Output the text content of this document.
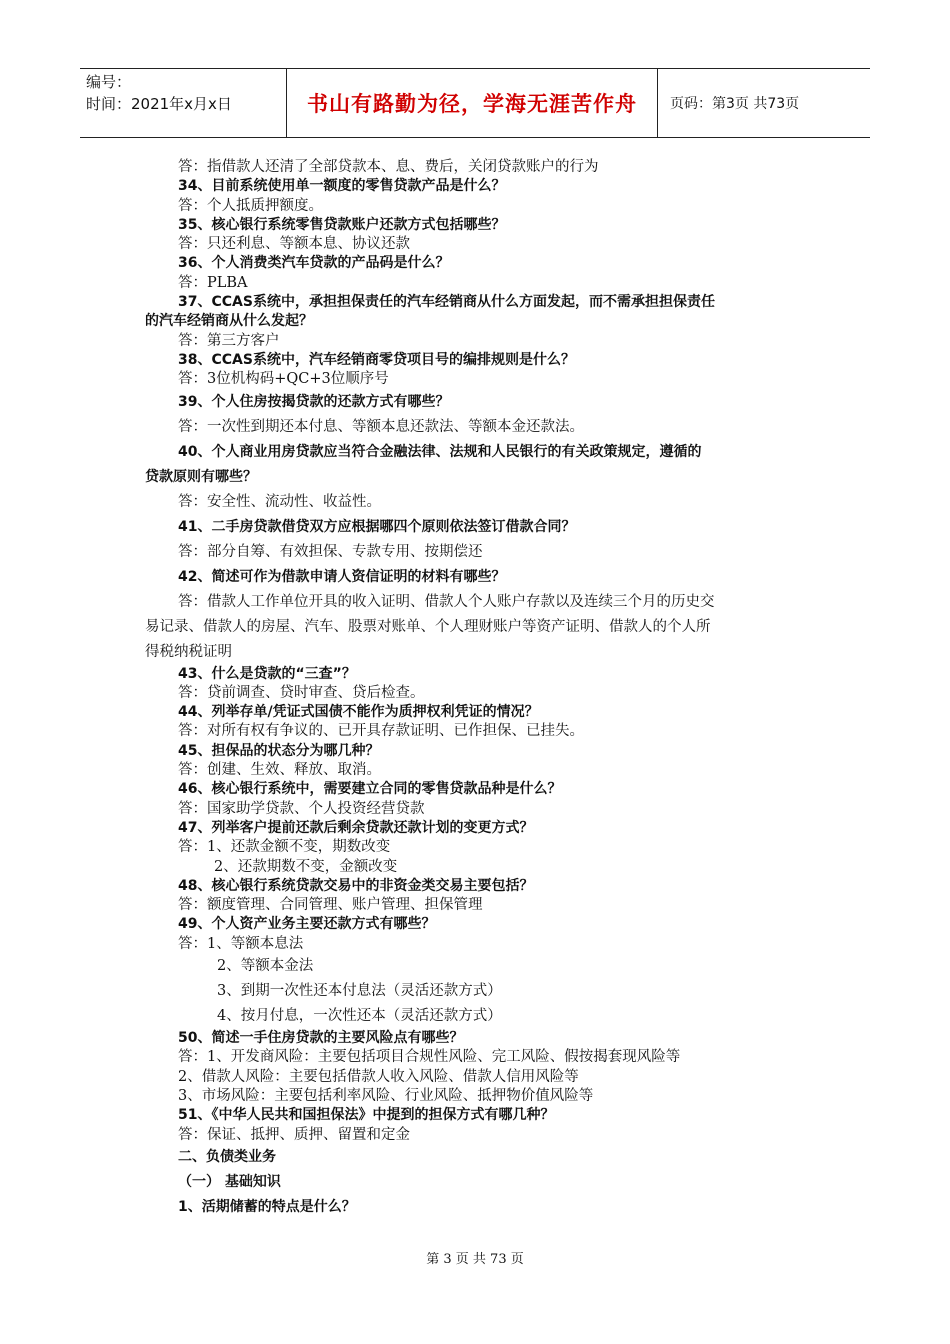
编号：
时间：2021年x月x日	书山有路勤为径，学海无涯苦作舟 页码：第3页 共73页
答：指借款人还清了全部贷款本、息、费后，关闭贷款账户的行为
34、目前系统使用单一额度的零售贷款产品是什么？
答：个人抵质押额度。
35、核心银行系统零售贷款账户还款方式包括哪些？
答：只还利息、等额本息、协议还款
36、个人消费类汽车贷款的产品码是什么？
答：PLBA
37、CCAS系统中，承担担保责任的汽车经销商从什么方面发起，而不需承担担保责任
的汽车经销商从什么发起？
答：第三方客户
38、CCAS系统中，汽车经销商零贷项目号的编排规则是什么？
答：3位机构码+QC+3位顺序号
39、个人住房按揭贷款的还款方式有哪些？
答：一次性到期还本付息、等额本息还款法、等额本金还款法。
40、个人商业用房贷款应当符合金融法律、法规和人民银行的有关政策规定，遵循的
贷款原则有哪些？
答：安全性、流动性、收益性。
41、二手房贷款借贷双方应根据哪四个原则依法签订借款合同？
答：部分自筹、有效担保、专款专用、按期偿还
42、简述可作为借款申请人资信证明的材料有哪些？
答：借款人工作单位开具的收入证明、借款人个人账户存款以及连续三个月的历史交
易记录、借款人的房屋、汽车、股票对账单、个人理财账户等资产证明、借款人的个人所
得税纳税证明
43、什么是贷款的“三查”？
答：贷前调查、贷时审查、贷后检查。
44、列举存单/凭证式国债不能作为质押权利凭证的情况？
答：对所有权有争议的、已开具存款证明、已作担保、已挂失。
45、担保品的状态分为哪几种？
答：创建、生效、释放、取消。
46、核心银行系统中，需要建立合同的零售贷款品种是什么？
答：国家助学贷款、个人投资经营贷款
47、列举客户提前还款后剩余贷款还款计划的变更方式？
答：1、还款金额不变，期数改变
2、还款期数不变，金额改变
48、核心银行系统贷款交易中的非资金类交易主要包括？
答：额度管理、合同管理、账户管理、担保管理
49、个人资产业务主要还款方式有哪些？
答：1、等额本息法
2、等额本金法
3、到期一次性还本付息法（灵活还款方式）
4、按月付息，一次性还本（灵活还款方式）
50、简述一手住房贷款的主要风险点有哪些？
答：1、开发商风险：主要包括项目合规性风险、完工风险、假按揭套现风险等
2、借款人风险：主要包括借款人收入风险、借款人信用风险等
3、市场风险：主要包括利率风险、行业风险、抵押物价值风险等
51、《中华人民共和国担保法》中提到的担保方式有哪几种？
答：保证、抵押、质押、留置和定金
二、负债类业务
（一） 基础知识
1、活期储蓄的特点是什么？
第 3 页 共 73 页
